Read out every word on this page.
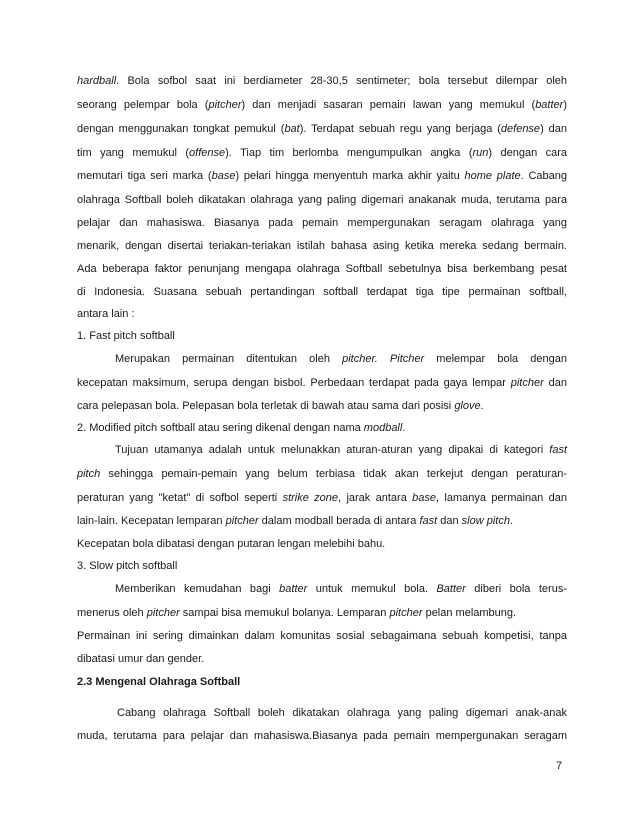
hardball. Bola sofbol saat ini berdiameter 28-30,5 sentimeter; bola tersebut dilempar oleh
seorang pelempar bola (pitcher) dan menjadi sasaran pemain lawan yang memukul (batter)
dengan menggunakan tongkat pemukul (bat). Terdapat sebuah regu yang berjaga (defense) dan
tim yang memukul (offense). Tiap tim berlomba mengumpulkan angka (run) dengan cara
memutari tiga seri marka (base) pelari hingga menyentuh marka akhir yaitu home plate. Cabang
olahraga Softball boleh dikatakan olahraga yang paling digemari anakanak muda, terutama para
pelajar dan mahasiswa. Biasanya pada pemain mempergunakan seragam olahraga yang
menarik, dengan disertai teriakan-teriakan istilah bahasa asing ketika mereka sedang bermain.
Ada beberapa faktor penunjang mengapa olahraga Softball sebetulnya bisa berkembang pesat
di Indonesia. Suasana sebuah pertandingan softball terdapat tiga tipe permainan softball,
antara lain :
1. Fast pitch softball
Merupakan permainan ditentukan oleh pitcher. Pitcher melempar bola dengan
kecepatan maksimum, serupa dengan bisbol. Perbedaan terdapat pada gaya lempar pitcher dan
cara pelepasan bola. Pelepasan bola terletak di bawah atau sama dari posisi glove.
2. Modified pitch softball atau sering dikenal dengan nama modball.
Tujuan utamanya adalah untuk melunakkan aturan-aturan yang dipakai di kategori fast
pitch sehingga pemain-pemain yang belum terbiasa tidak akan terkejut dengan peraturan-
peraturan yang "ketat" di sofbol seperti strike zone, jarak antara base, lamanya permainan dan
lain-lain. Kecepatan lemparan pitcher dalam modball berada di antara fast dan slow pitch.
Kecepatan bola dibatasi dengan putaran lengan melebihi bahu.
3. Slow pitch softball
Memberikan kemudahan bagi batter untuk memukul bola. Batter diberi bola terus-
menerus oleh pitcher sampai bisa memukul bolanya. Lemparan pitcher pelan melambung.
Permainan ini sering dimainkan dalam komunitas sosial sebagaimana sebuah kompetisi, tanpa
dibatasi umur dan gender.
2.3 Mengenal Olahraga Softball
Cabang olahraga Softball boleh dikatakan olahraga yang paling digemari anak-anak
muda, terutama para pelajar dan mahasiswa.Biasanya pada pemain mempergunakan seragam
7
